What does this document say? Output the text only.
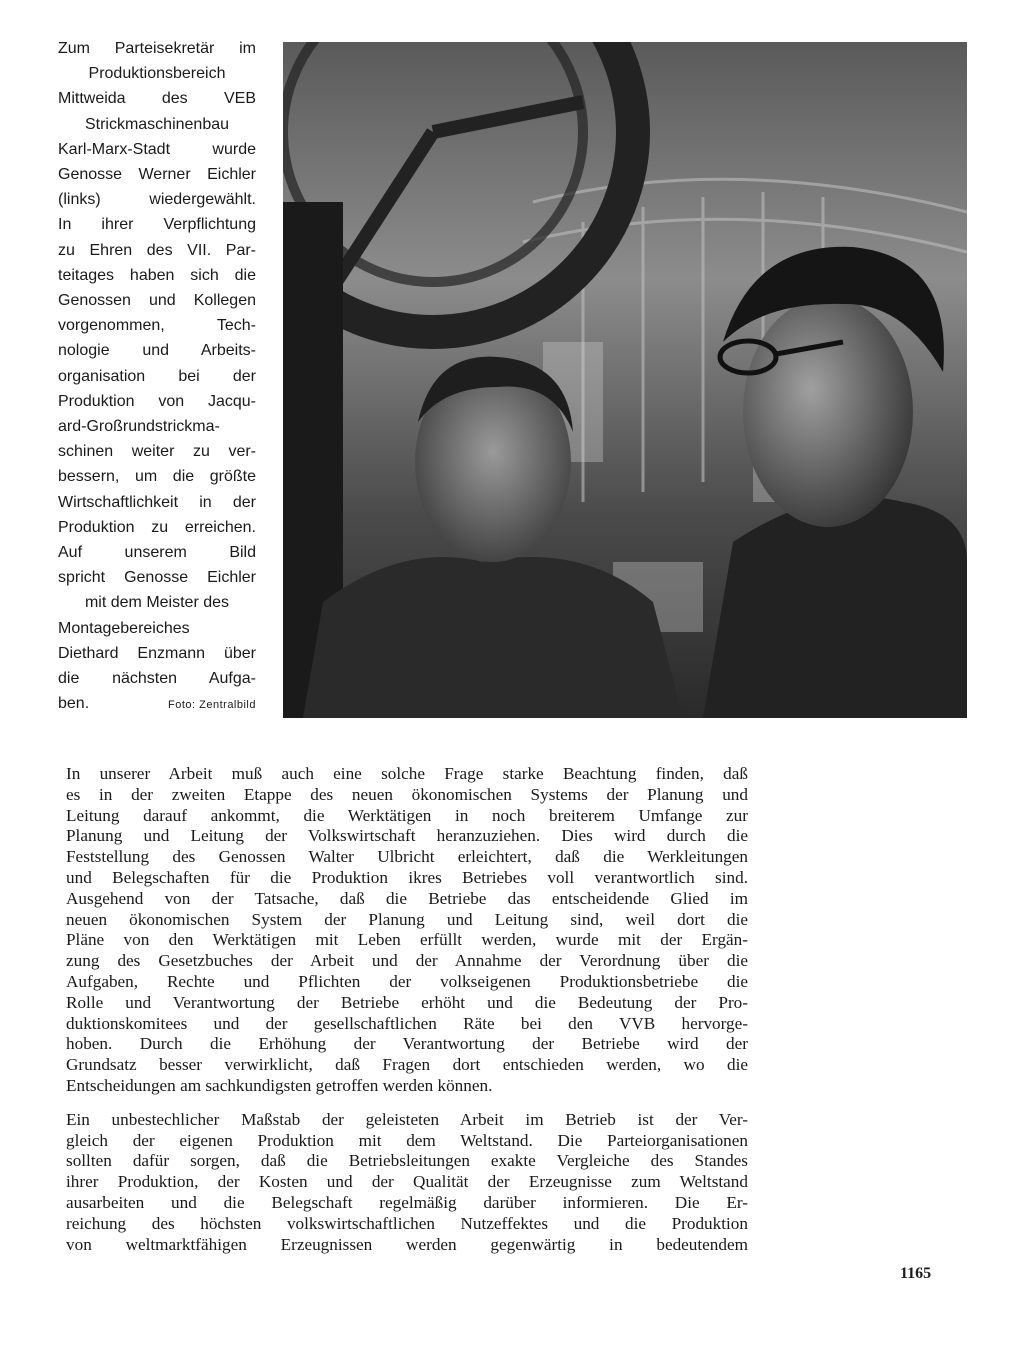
Zum Parteisekretär im
Produktionsbereich
Mittweida des VEB
Strickmaschinenbau
Karl-Marx-Stadt wurde
Genosse Werner Eichler
(links) wiedergewählt.
In ihrer Verpflichtung
zu Ehren des VII. Par-
teitages haben sich die
Genossen und Kollegen
vorgenommen, Tech-
nologie und Arbeits-
organisation bei der
Produktion von Jacqu-
ard-Großrundstrickma-
schinen weiter zu ver-
bessern, um die größte
Wirtschaftlichkeit in der
Produktion zu erreichen.
Auf unserem Bild
spricht Genosse Eichler
mit dem Meister des
Montagebereiches
Diethard Enzmann über
die nächsten Aufga-
ben.	Foto: Zentralbild
In unserer Arbeit muß auch eine solche Frage starke Beachtung finden, daß
es in der zweiten Etappe des neuen ökonomischen Systems der Planung und
Leitung darauf ankommt, die Werktätigen in noch breiterem Umfange zur
Planung und Leitung der Volkswirtschaft heranzuziehen. Dies wird durch die
Feststellung des Genossen Walter Ulbricht erleichtert, daß die Werkleitungen
und Belegschaften für die Produktion ikres Betriebes voll verantwortlich sind.
Ausgehend von der Tatsache, daß die Betriebe das entscheidende Glied im
neuen ökonomischen System der Planung und Leitung sind, weil dort die
Pläne von den Werktätigen mit Leben erfüllt werden, wurde mit der Ergän-
zung des Gesetzbuches der Arbeit und der Annahme der Verordnung über die
Aufgaben, Rechte und Pflichten der volkseigenen Produktionsbetriebe die
Rolle und Verantwortung der Betriebe erhöht und die Bedeutung der Pro-
duktionskomitees und der gesellschaftlichen Räte bei den VVB hervorge-
hoben. Durch die Erhöhung der Verantwortung der Betriebe wird der
Grundsatz besser verwirklicht, daß Fragen dort entschieden werden, wo die
Entscheidungen am sachkundigsten getroffen werden können.
Ein unbestechlicher Maßstab der geleisteten Arbeit im Betrieb ist der Ver-
gleich der eigenen Produktion mit dem Weltstand. Die Parteiorganisationen
sollten dafür sorgen, daß die Betriebsleitungen exakte Vergleiche des Standes
ihrer Produktion, der Kosten und der Qualität der Erzeugnisse zum Weltstand
ausarbeiten und die Belegschaft regelmäßig darüber informieren. Die Er-
reichung des höchsten volkswirtschaftlichen Nutzeffektes und die Produktion
von weltmarktfähigen Erzeugnissen werden gegenwärtig in bedeutendem
1165
